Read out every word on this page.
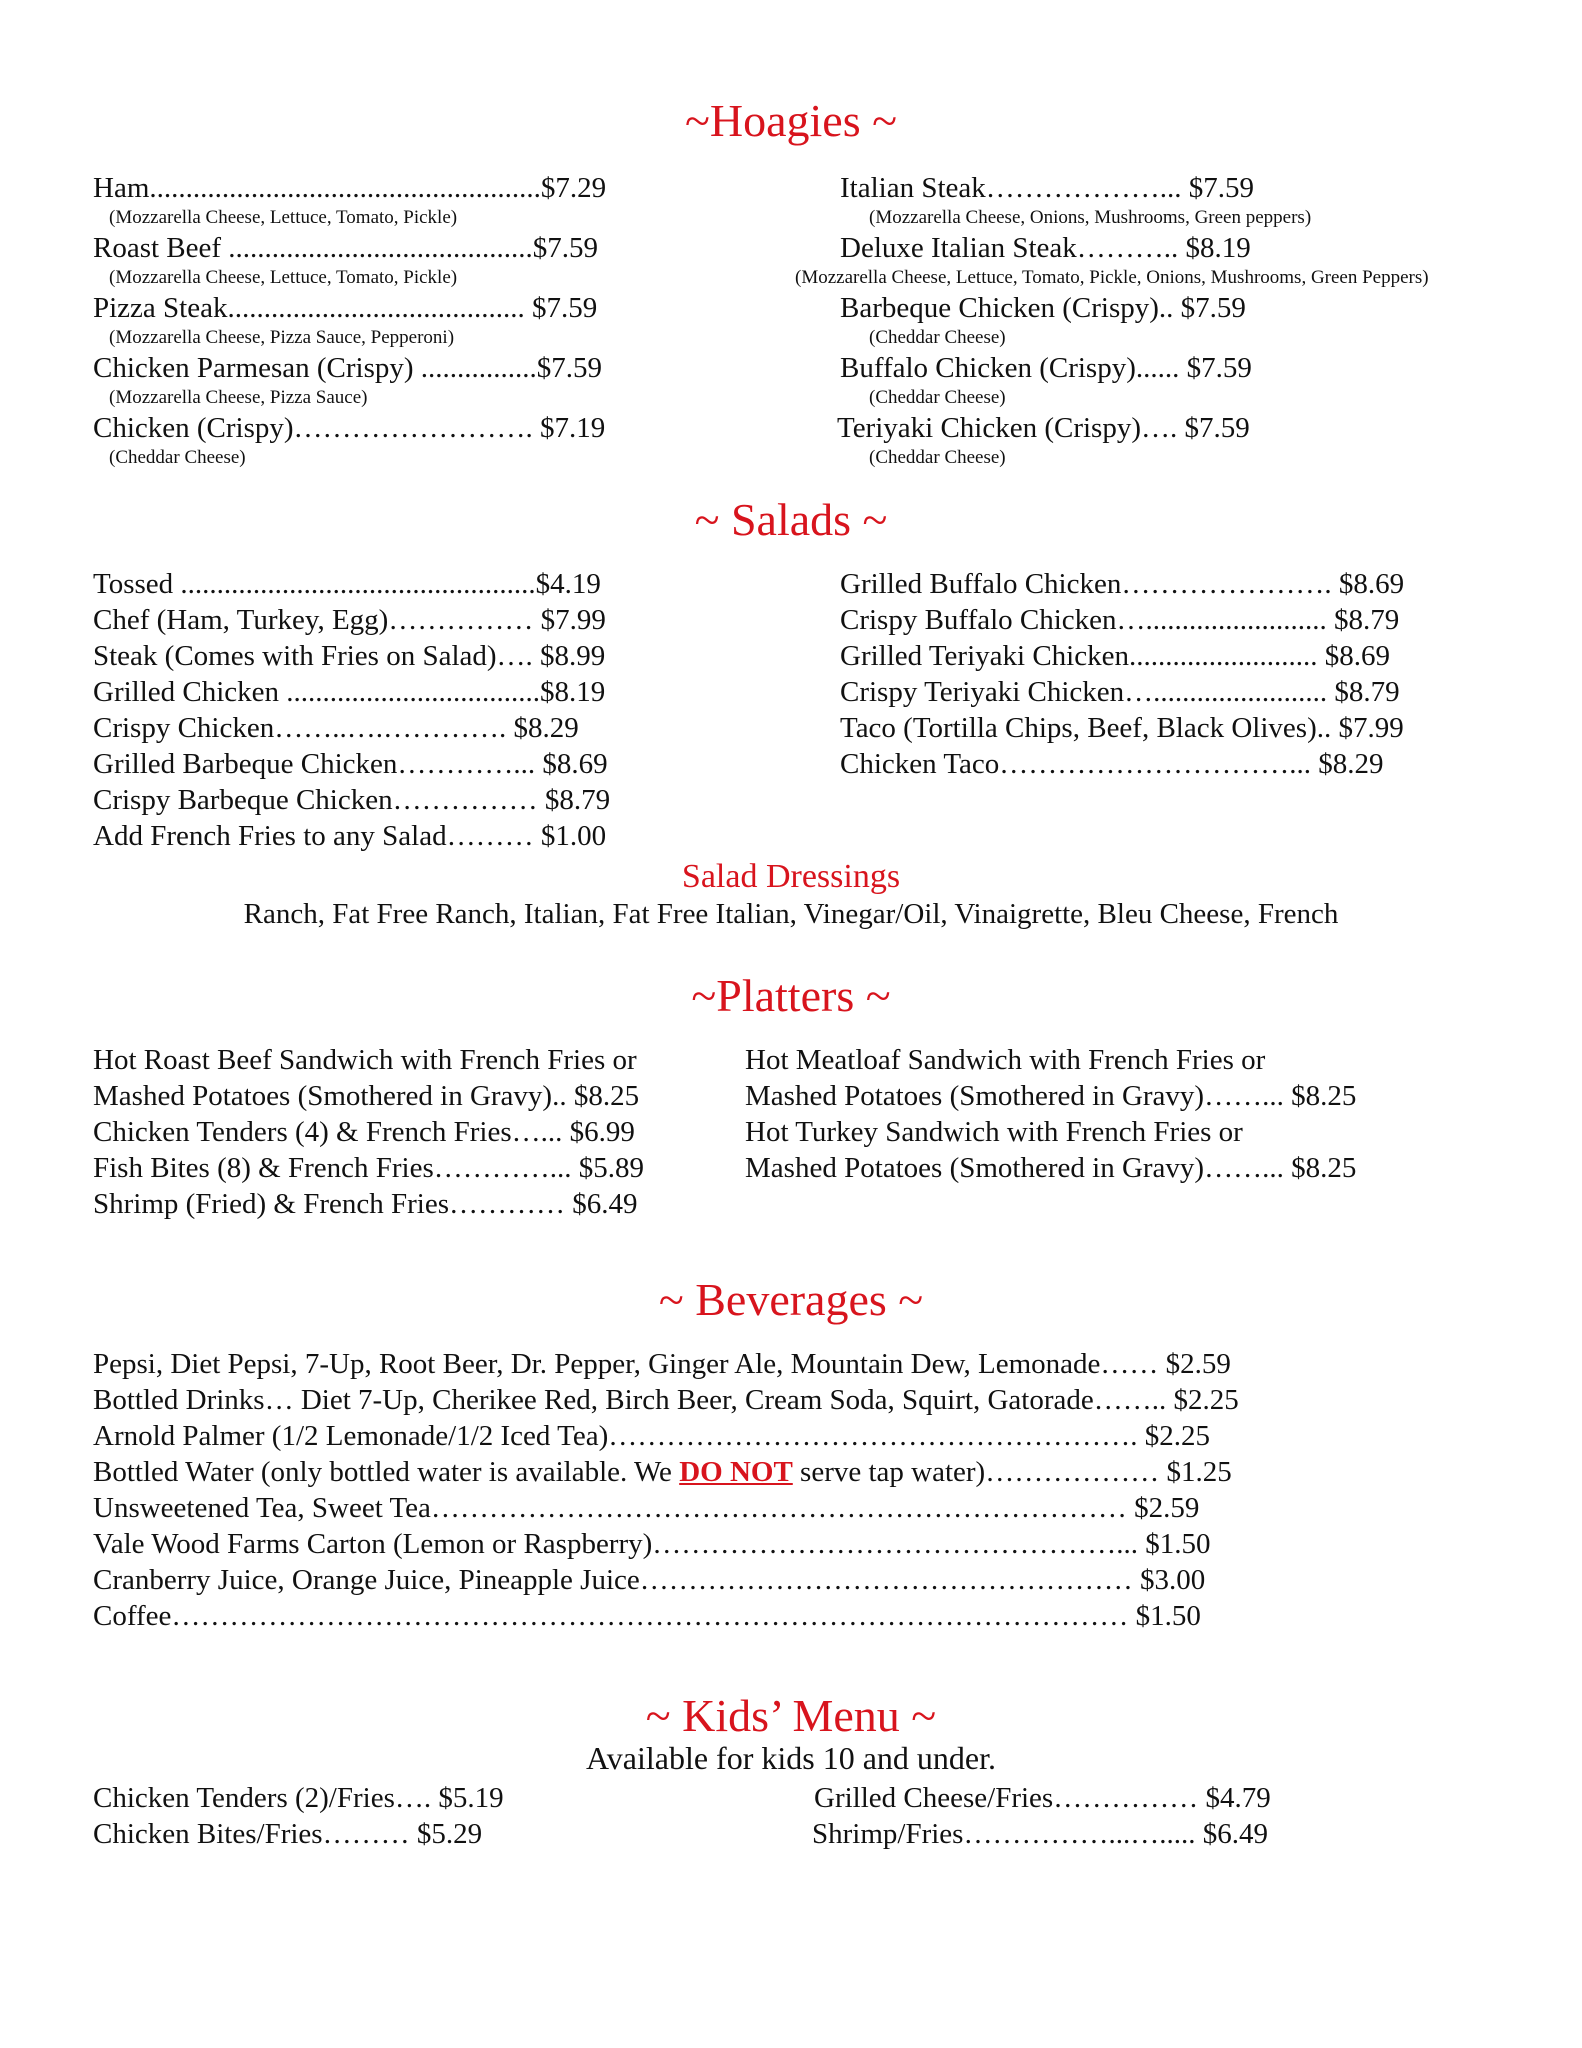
~Hoagies ~
Ham......................................................$7.29
(Mozzarella Cheese, Lettuce, Tomato, Pickle)
Roast Beef ..........................................$7.59
(Mozzarella Cheese, Lettuce, Tomato, Pickle)
Pizza Steak......................................... $7.59
(Mozzarella Cheese, Pizza Sauce, Pepperoni)
Chicken Parmesan (Crispy) ................$7.59
(Mozzarella Cheese, Pizza Sauce)
Chicken (Crispy)……………………. $7.19
(Cheddar Cheese)
Italian Steak………………... $7.59
(Mozzarella Cheese, Onions, Mushrooms, Green peppers)
Deluxe Italian Steak……….. $8.19
(Mozzarella Cheese, Lettuce, Tomato, Pickle, Onions, Mushrooms, Green Peppers)
Barbeque Chicken (Crispy).. $7.59
(Cheddar Cheese)
Buffalo Chicken (Crispy)...... $7.59
(Cheddar Cheese)
Teriyaki Chicken (Crispy)…. $7.59
(Cheddar Cheese)
~ Salads ~
Tossed .................................................$4.19
Chef (Ham, Turkey, Egg)…………… $7.99
Steak (Comes with Fries on Salad)…. $8.99
Grilled Chicken ...................................$8.19
Crispy Chicken……..….…………. $8.29
Grilled Barbeque Chicken…………... $8.69
Crispy Barbeque Chicken…………… $8.79
Add French Fries to any Salad……… $1.00
Grilled Buffalo Chicken…………………. $8.69
Crispy Buffalo Chicken…......................... $8.79
Grilled Teriyaki Chicken.......................... $8.69
Crispy Teriyaki Chicken…........................ $8.79
Taco (Tortilla Chips, Beef, Black Olives).. $7.99
Chicken Taco…………………………... $8.29
Salad Dressings
Ranch, Fat Free Ranch, Italian, Fat Free Italian, Vinegar/Oil, Vinaigrette, Bleu Cheese, French
~Platters ~
Hot Roast Beef Sandwich with French Fries or
Mashed Potatoes (Smothered in Gravy).. $8.25
Chicken Tenders (4) & French Fries…... $6.99
Fish Bites (8) & French Fries…………... $5.89
Shrimp (Fried) & French Fries………… $6.49
Hot Meatloaf Sandwich with French Fries or
Mashed Potatoes (Smothered in Gravy)……... $8.25
Hot Turkey Sandwich with French Fries or
Mashed Potatoes (Smothered in Gravy)……... $8.25
~ Beverages ~
Pepsi, Diet Pepsi, 7-Up, Root Beer, Dr. Pepper, Ginger Ale, Mountain Dew, Lemonade…… $2.59
Bottled Drinks… Diet 7-Up, Cherikee Red, Birch Beer, Cream Soda, Squirt, Gatorade…….. $2.25
Arnold Palmer (1/2 Lemonade/1/2 Iced Tea)………………………………………………. $2.25
Bottled Water (only bottled water is available. We DO NOT serve tap water)……………… $1.25
Unsweetened Tea, Sweet Tea……………………………………………………………… $2.59
Vale Wood Farms Carton (Lemon or Raspberry)…………………………………………... $1.50
Cranberry Juice, Orange Juice, Pineapple Juice…………………………………………… $3.00
Coffee……………………………………………………………………………………… $1.50
~ Kids’ Menu ~
Available for kids 10 and under.
Chicken Tenders (2)/Fries…. $5.19
Chicken Bites/Fries……… $5.29
Grilled Cheese/Fries…………… $4.79
Shrimp/Fries……………...…..... $6.49
